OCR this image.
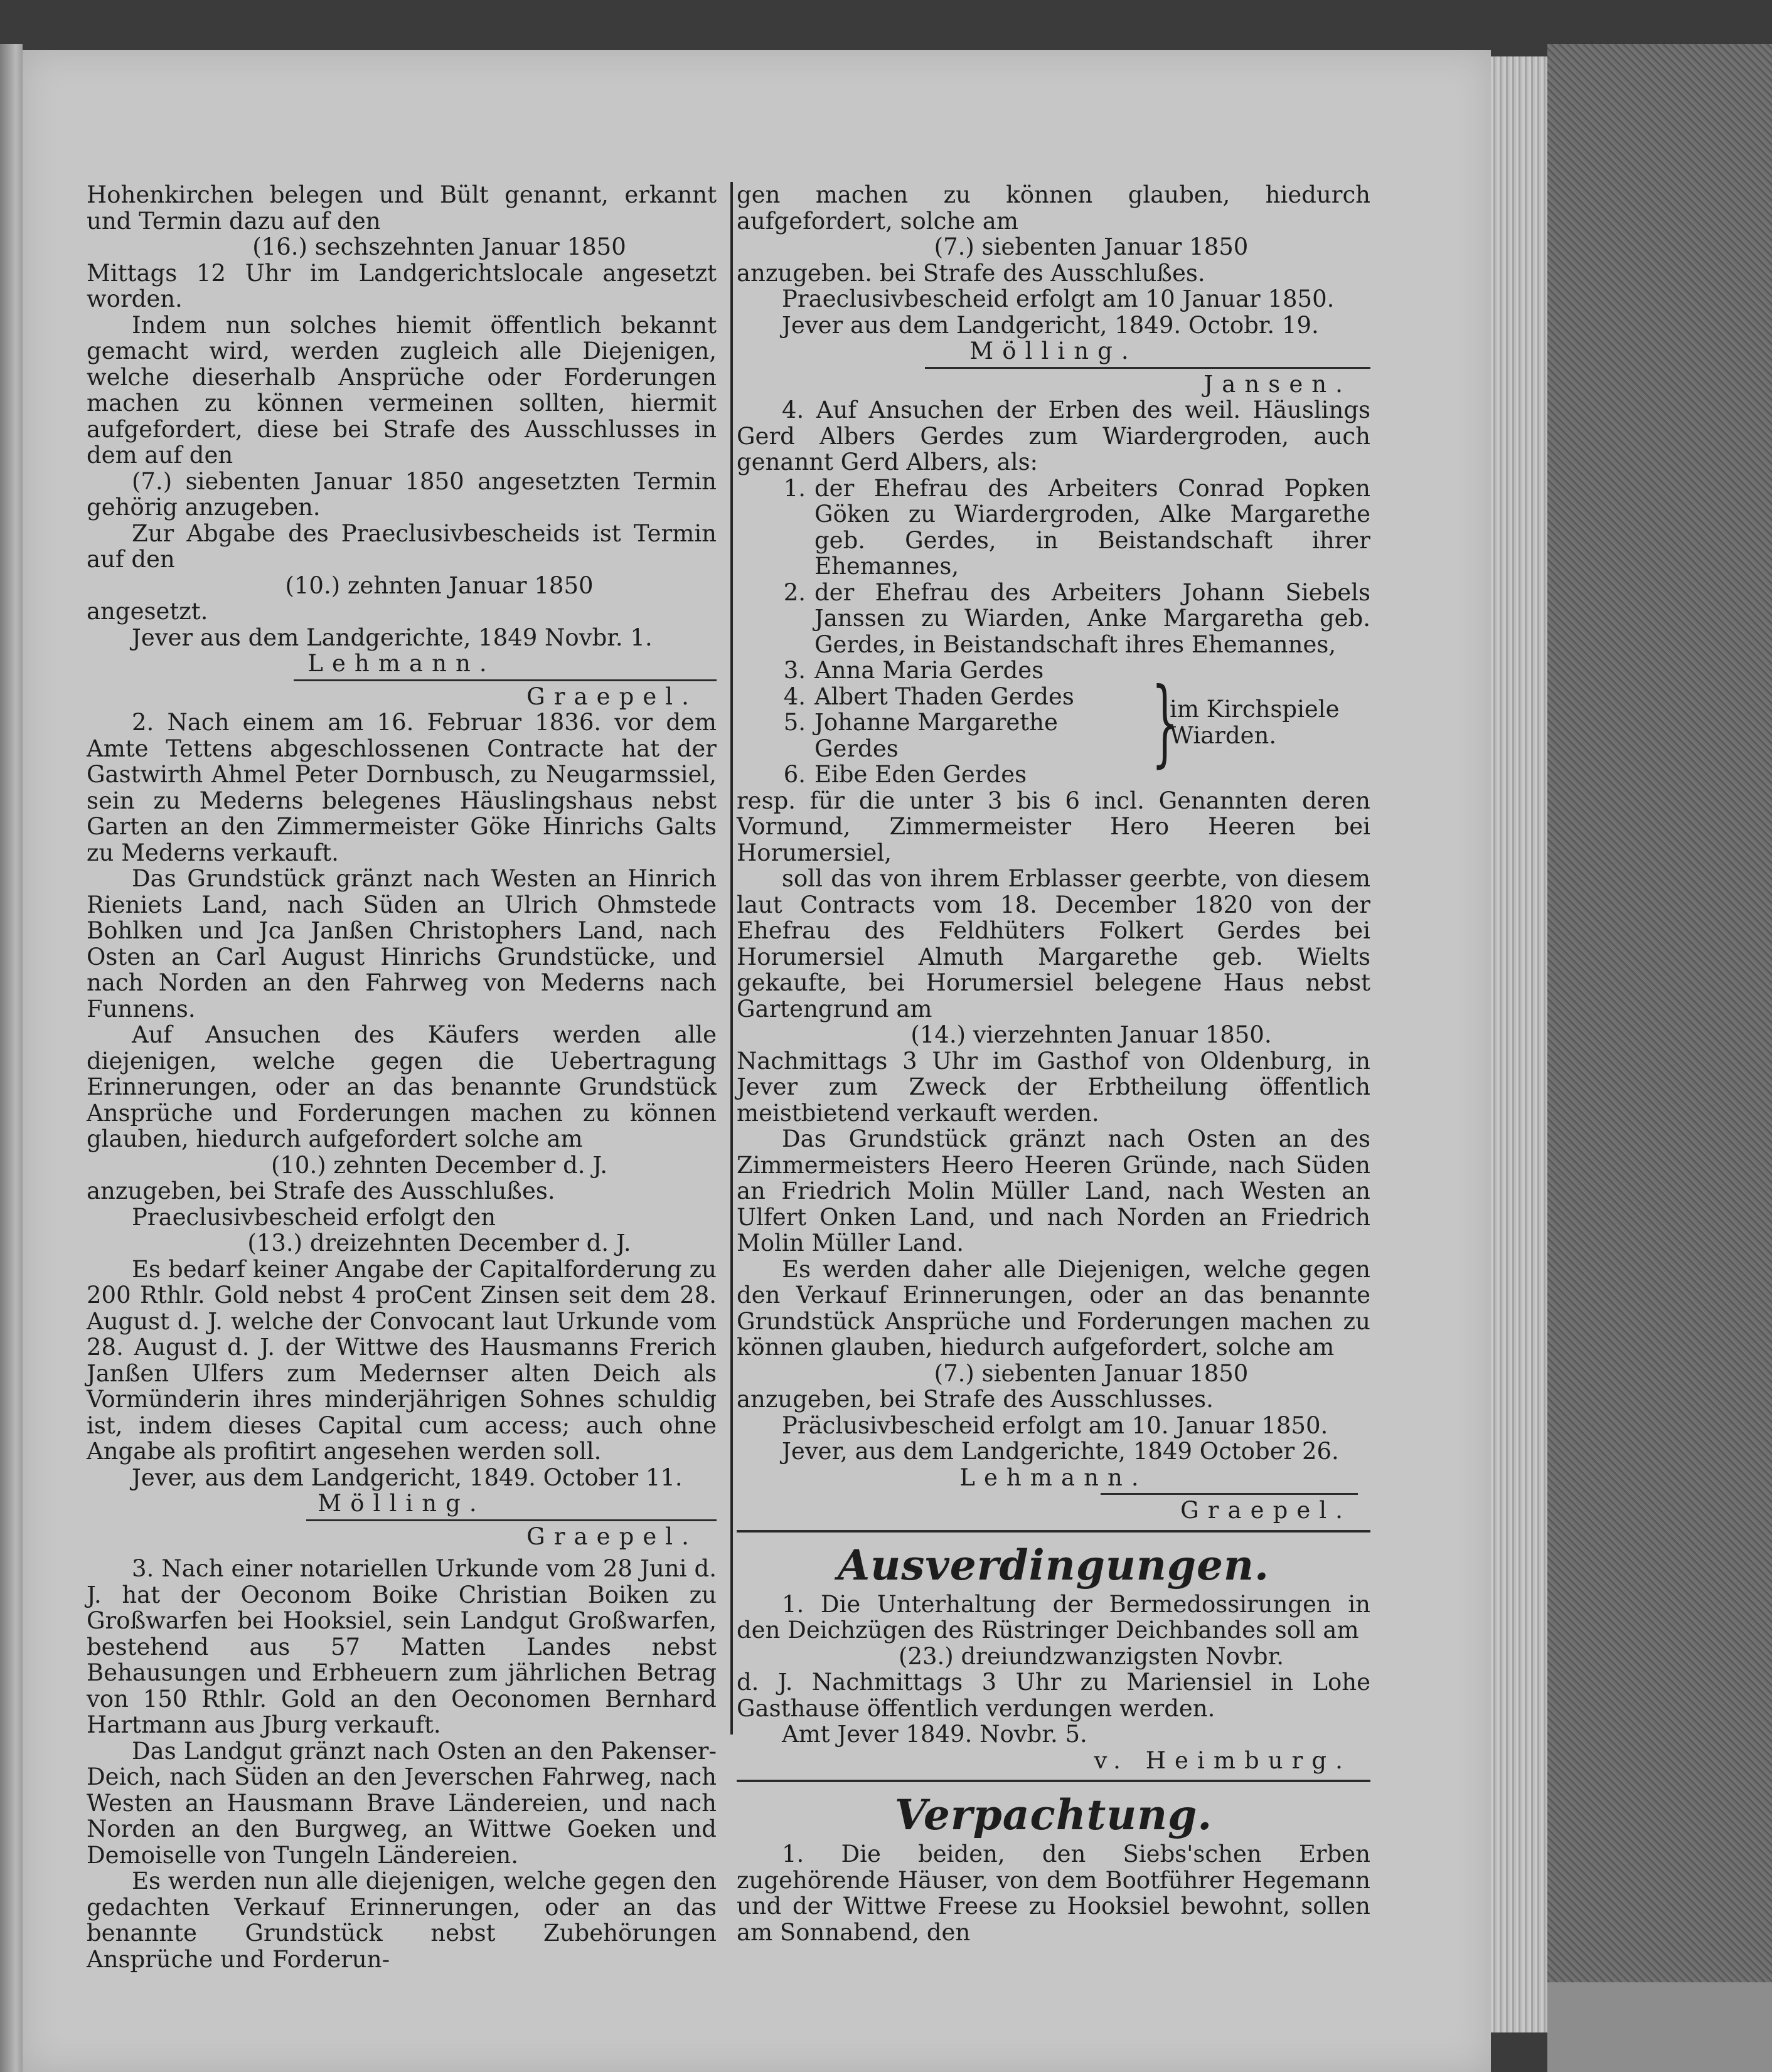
Hohenkirchen belegen und Bült genannt, erkannt und Termin dazu auf den

(16.) sechszehnten Januar 1850

Mittags 12 Uhr im Landgerichtslocale angesetzt worden.

Indem nun solches hiemit öffentlich bekannt gemacht wird, werden zugleich alle Diejenigen, welche dieserhalb Ansprüche oder Forderungen machen zu können vermeinen sollten, hiermit aufgefordert, diese bei Strafe des Ausschlusses in dem auf den

(7.) siebenten Januar 1850 angesetzten Termin gehörig anzugeben.

Zur Abgabe des Praeclusivbescheids ist Termin auf den

(10.) zehnten Januar 1850

angesetzt.

Jever aus dem Landgerichte, 1849 Novbr. 1.

Lehmann.

Graepel.

2. Nach einem am 16. Februar 1836. vor dem Amte Tettens abgeschlossenen Contracte hat der Gastwirth Ahmel Peter Dornbusch, zu Neugarmssiel, sein zu Mederns belegenes Häuslingshaus nebst Garten an den Zimmermeister Göke Hinrichs Galts zu Mederns verkauft.

Das Grundstück gränzt nach Westen an Hinrich Rieniets Land, nach Süden an Ulrich Ohmstede Bohlken und Jca Janßen Christophers Land, nach Osten an Carl August Hinrichs Grundstücke, und nach Norden an den Fahrweg von Mederns nach Funnens.

Auf Ansuchen des Käufers werden alle diejenigen, welche gegen die Uebertragung Erinnerungen, oder an das benannte Grundstück Ansprüche und Forderungen machen zu können glauben, hiedurch aufgefordert solche am

(10.) zehnten December d. J.

anzugeben, bei Strafe des Ausschlußes.

Praeclusivbescheid erfolgt den

(13.) dreizehnten December d. J.

Es bedarf keiner Angabe der Capitalforderung zu 200 Rthlr. Gold nebst 4 proCent Zinsen seit dem 28. August d. J. welche der Convocant laut Urkunde vom 28. August d. J. der Wittwe des Hausmanns Frerich Janßen Ulfers zum Medernser alten Deich als Vormünderin ihres minderjährigen Sohnes schuldig ist, indem dieses Capital cum access; auch ohne Angabe als profitirt angesehen werden soll.

Jever, aus dem Landgericht, 1849. October 11.

Mölling.

Graepel.

3. Nach einer notariellen Urkunde vom 28 Juni d. J. hat der Oeconom Boike Christian Boiken zu Großwarfen bei Hooksiel, sein Landgut Großwarfen, bestehend aus 57 Matten Landes nebst Behausungen und Erbheuern zum jährlichen Betrag von 150 Rthlr. Gold an den Oeconomen Bernhard Hartmann aus Jburg verkauft.

Das Landgut gränzt nach Osten an den Pakenser-Deich, nach Süden an den Jeverschen Fahrweg, nach Westen an Hausmann Brave Ländereien, und nach Norden an den Burgweg, an Wittwe Goeken und Demoiselle von Tungeln Ländereien.

Es werden nun alle diejenigen, welche gegen den gedachten Verkauf Erinnerungen, oder an das benannte Grundstück nebst Zubehörungen Ansprüche und Forderun-

gen machen zu können glauben, hiedurch aufgefordert, solche am

(7.) siebenten Januar 1850

anzugeben. bei Strafe des Ausschlußes.

Praeclusivbescheid erfolgt am 10 Januar 1850.

Jever aus dem Landgericht, 1849. Octobr. 19.

Mölling.

Jansen.

4. Auf Ansuchen der Erben des weil. Häuslings Gerd Albers Gerdes zum Wiardergroden, auch genannt Gerd Albers, als:

1. der Ehefrau des Arbeiters Conrad Popken Göken zu Wiardergroden, Alke Margarethe geb. Gerdes, in Beistandschaft ihrer Ehemannes,
2. der Ehefrau des Arbeiters Johann Siebels Janssen zu Wiarden, Anke Margaretha geb. Gerdes, in Beistandschaft ihres Ehemannes,
3. Anna Maria Gerdes
4. Albert Thaden Gerdes
5. Johanne Margarethe Gerdes
6. Eibe Eden Gerdes }
im Kirchspiele Wiarden.

resp. für die unter 3 bis 6 incl. Genannten deren Vormund, Zimmermeister Hero Heeren bei Horumersiel,

soll das von ihrem Erblasser geerbte, von diesem laut Contracts vom 18. December 1820 von der Ehefrau des Feldhüters Folkert Gerdes bei Horumersiel Almuth Margarethe geb. Wielts gekaufte, bei Horumersiel belegene Haus nebst Gartengrund am

(14.) vierzehnten Januar 1850.

Nachmittags 3 Uhr im Gasthof von Oldenburg, in Jever zum Zweck der Erbtheilung öffentlich meistbietend verkauft werden.

Das Grundstück gränzt nach Osten an des Zimmermeisters Heero Heeren Gründe, nach Süden an Friedrich Molin Müller Land, nach Westen an Ulfert Onken Land, und nach Norden an Friedrich Molin Müller Land.

Es werden daher alle Diejenigen, welche gegen den Verkauf Erinnerungen, oder an das benannte Grundstück Ansprüche und Forderungen machen zu können glauben, hiedurch aufgefordert, solche am

(7.) siebenten Januar 1850

anzugeben, bei Strafe des Ausschlusses.

Präclusivbescheid erfolgt am 10. Januar 1850.

Jever, aus dem Landgerichte, 1849 October 26.

Lehmann.

Graepel.

Ausverdingungen.

1. Die Unterhaltung der Bermedossirungen in den Deichzügen des Rüstringer Deichbandes soll am

(23.) dreiundzwanzigsten Novbr.

d. J. Nachmittags 3 Uhr zu Mariensiel in Lohe Gasthause öffentlich verdungen werden.

Amt Jever 1849. Novbr. 5.

v. Heimburg.

Verpachtung.

1. Die beiden, den Siebs'schen Erben zugehörende Häuser, von dem Bootführer Hegemann und der Wittwe Freese zu Hooksiel bewohnt, sollen am Sonnabend, den
